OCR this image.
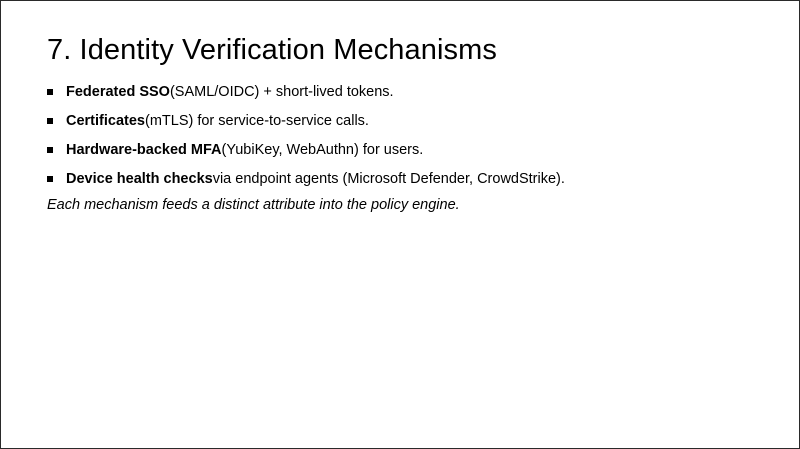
7. Identity Verification Mechanisms
Federated SSO (SAML/OIDC) + short-lived tokens.
Certificates (mTLS) for service-to-service calls.
Hardware-backed MFA (YubiKey, WebAuthn) for users.
Device health checks via endpoint agents (Microsoft Defender, CrowdStrike).

Each mechanism feeds a distinct attribute into the policy engine.
